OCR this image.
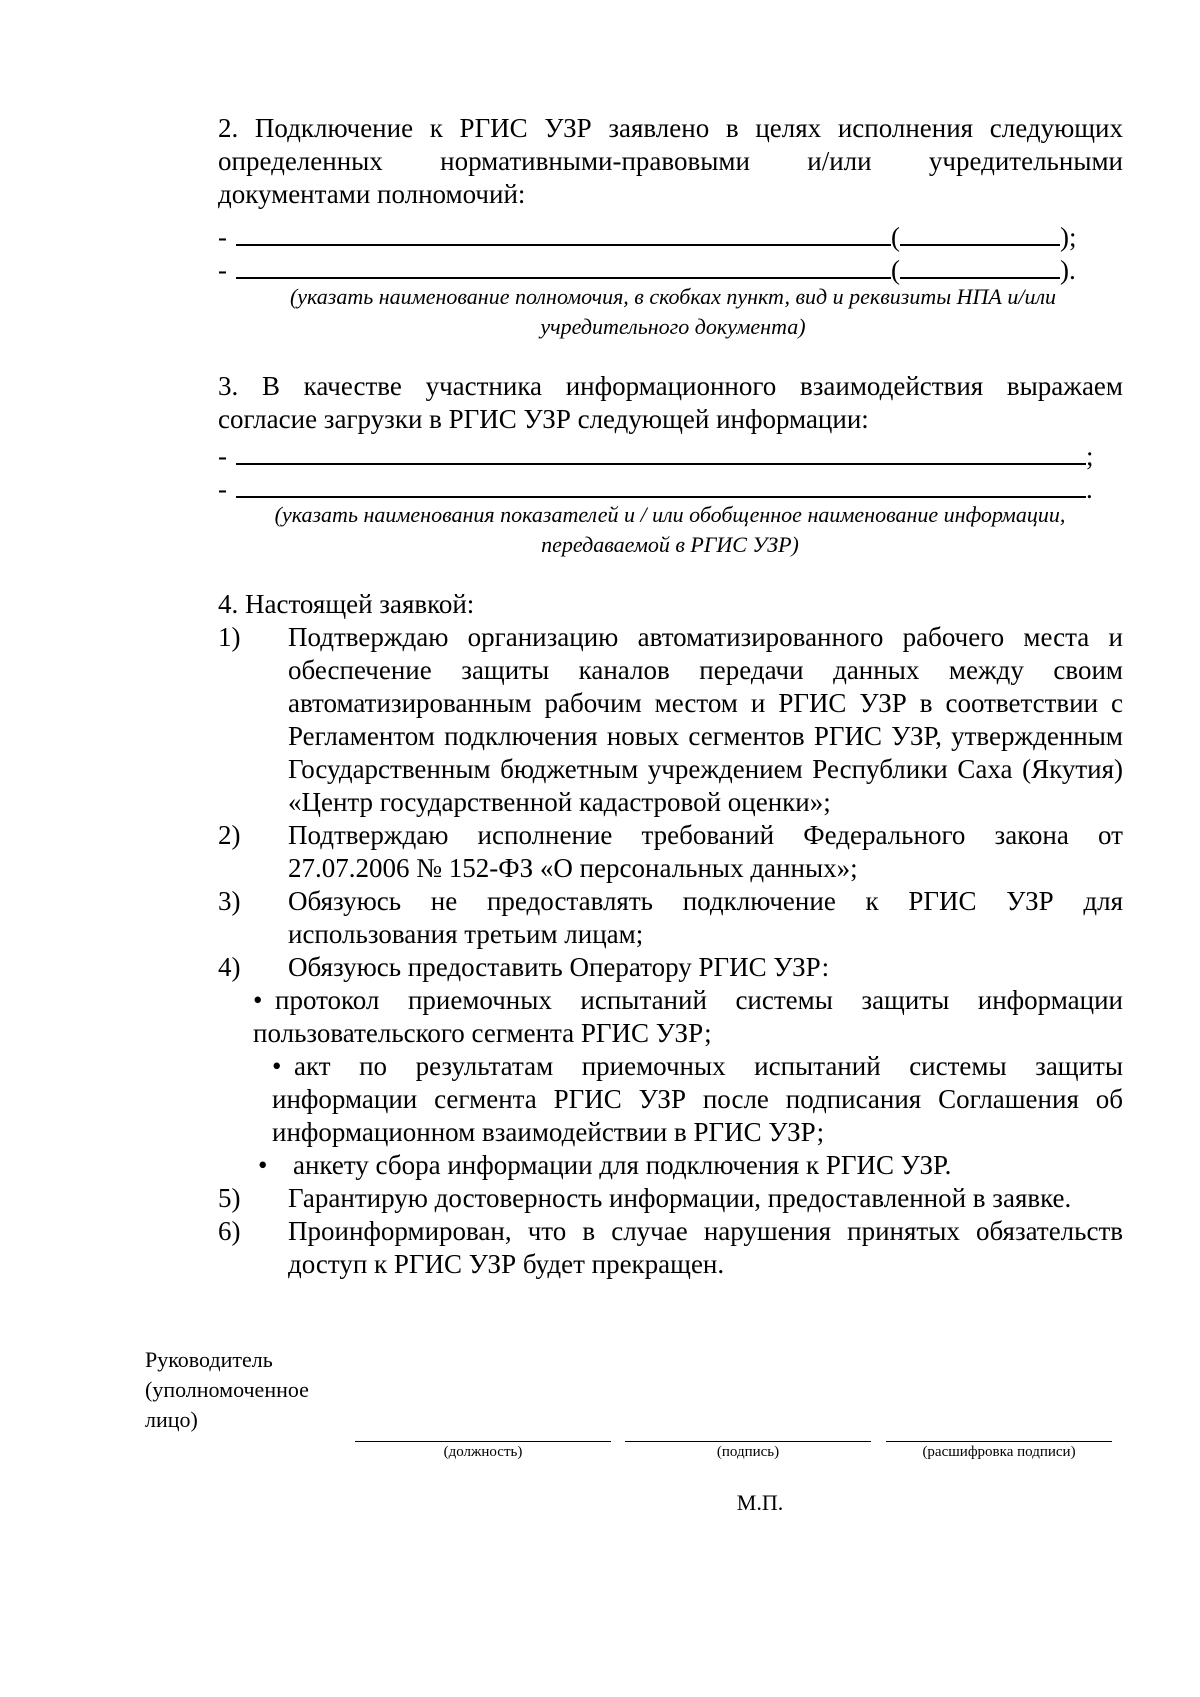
2. Подключение к РГИС УЗР заявлено в целях исполнения следующих определенных нормативными-правовыми и/или учредительными документами полномочий:
-	(	);
-	(	).
(указать наименование полномочия, в скобках пункт, вид и реквизиты НПА и/или учредительного документа)
3. В качестве участника информационного взаимодействия выражаем согласие загрузки в РГИС УЗР следующей информации:
-	;
-	.
(указать наименования показателей и / или обобщенное наименование информации, передаваемой в РГИС УЗР)
4. Настоящей заявкой:
1)	Подтверждаю организацию автоматизированного рабочего места и обеспечение защиты каналов передачи данных между своим автоматизированным рабочим местом и РГИС УЗР в соответствии с Регламентом подключения новых сегментов РГИС УЗР, утвержденным Государственным бюджетным учреждением Республики Саха (Якутия) «Центр государственной кадастровой оценки»;
2)	Подтверждаю исполнение требований Федерального закона от 27.07.2006 № 152-ФЗ «О персональных данных»;
3)	Обязуюсь не предоставлять подключение к РГИС УЗР для использования третьим лицам;
4)	Обязуюсь предоставить Оператору РГИС УЗР:
• протокол приемочных испытаний системы защиты информации пользовательского сегмента РГИС УЗР;
• акт по результатам приемочных испытаний системы защиты информации сегмента РГИС УЗР после подписания Соглашения об информационном взаимодействии в РГИС УЗР;
• анкету сбора информации для подключения к РГИС УЗР.
5)	Гарантирую достоверность информации, предоставленной в заявке.
6)	Проинформирован, что в случае нарушения принятых обязательств доступ к РГИС УЗР будет прекращен.
Руководитель (уполномоченное лицо)
(должность)	(подпись)	(расшифровка подписи)
М.П.
